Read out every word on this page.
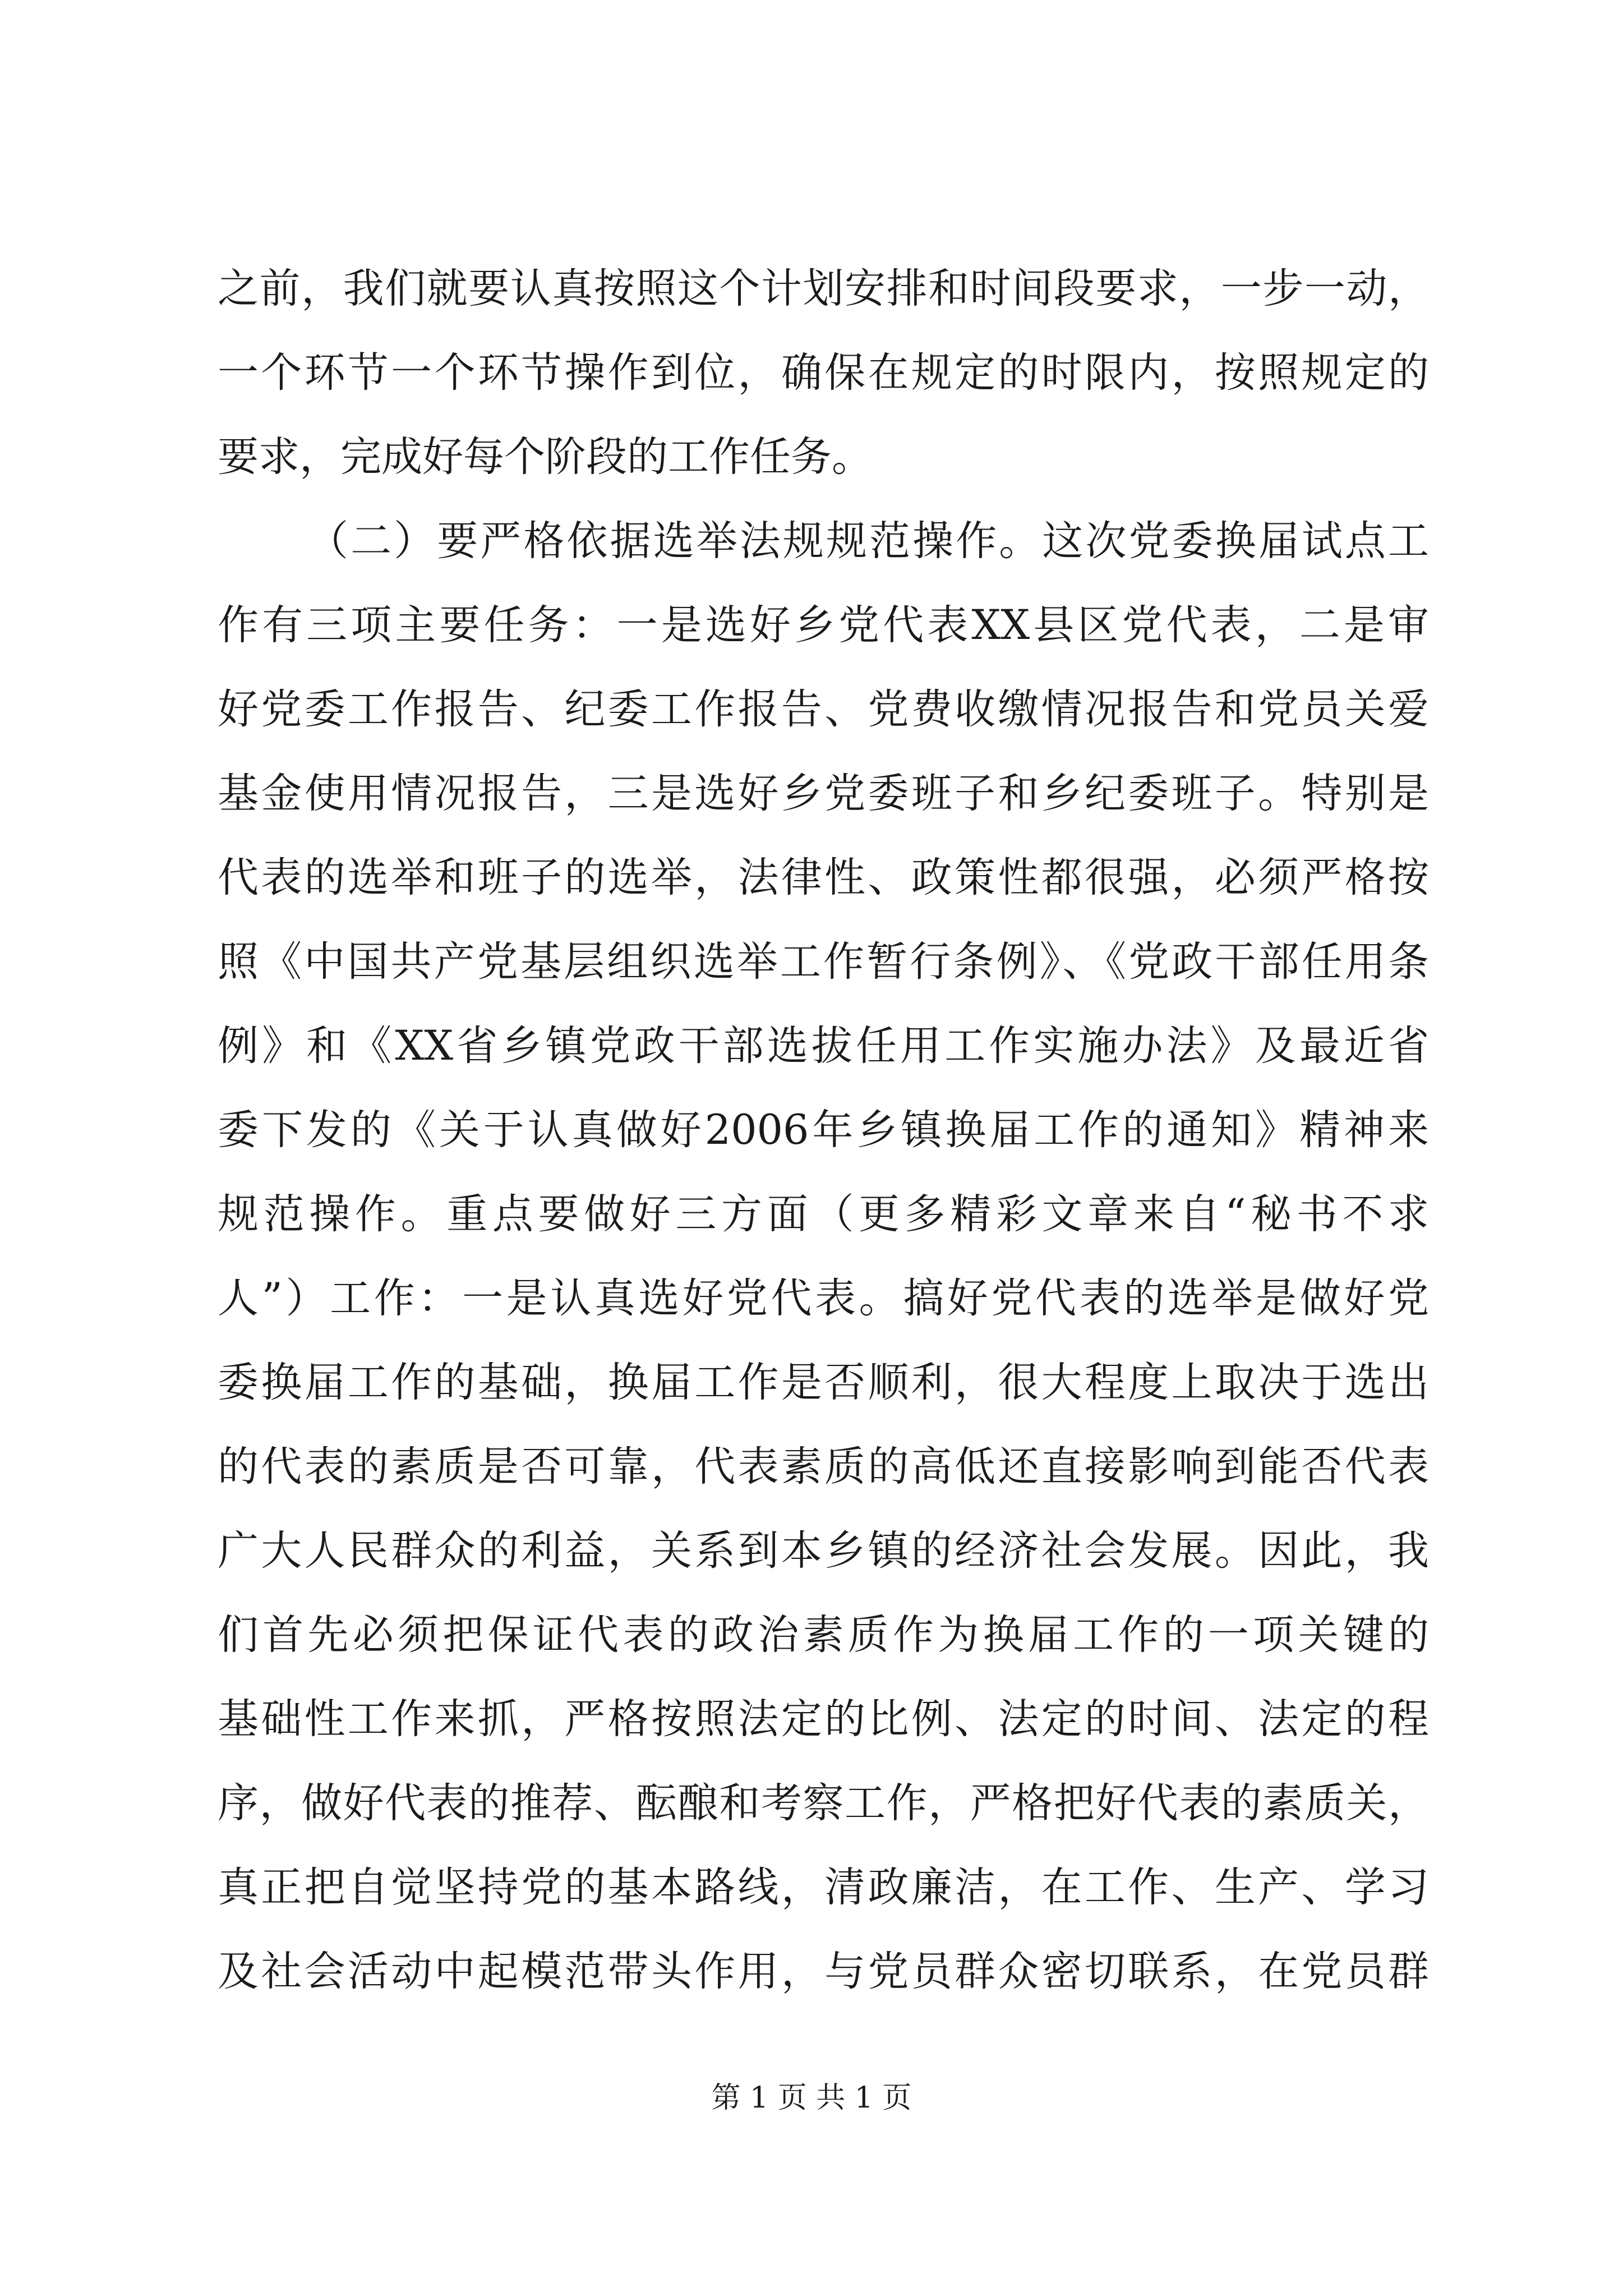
之前，我们就要认真按照这个计划安排和时间段要求，一步一动，
一个环节一个环节操作到位，确保在规定的时限内，按照规定的
要求，完成好每个阶段的工作任务。
（二）要严格依据选举法规规范操作。这次党委换届试点工
作有三项主要任务：一是选好乡党代表XX县区党代表，二是审
好党委工作报告、纪委工作报告、党费收缴情况报告和党员关爱
基金使用情况报告，三是选好乡党委班子和乡纪委班子。特别是
代表的选举和班子的选举，法律性、政策性都很强，必须严格按
照《中国共产党基层组织选举工作暂行条例》、《党政干部任用条
例》和《XX省乡镇党政干部选拔任用工作实施办法》及最近省
委下发的《关于认真做好2006年乡镇换届工作的通知》精神来
规范操作。重点要做好三方面（更多精彩文章来自“秘书不求
人”）工作：一是认真选好党代表。搞好党代表的选举是做好党
委换届工作的基础，换届工作是否顺利，很大程度上取决于选出
的代表的素质是否可靠，代表素质的高低还直接影响到能否代表
广大人民群众的利益，关系到本乡镇的经济社会发展。因此，我
们首先必须把保证代表的政治素质作为换届工作的一项关键的
基础性工作来抓，严格按照法定的比例、法定的时间、法定的程
序，做好代表的推荐、酝酿和考察工作，严格把好代表的素质关，
真正把自觉坚持党的基本路线，清政廉洁，在工作、生产、学习
及社会活动中起模范带头作用，与党员群众密切联系，在党员群
第 1 页 共 1 页
